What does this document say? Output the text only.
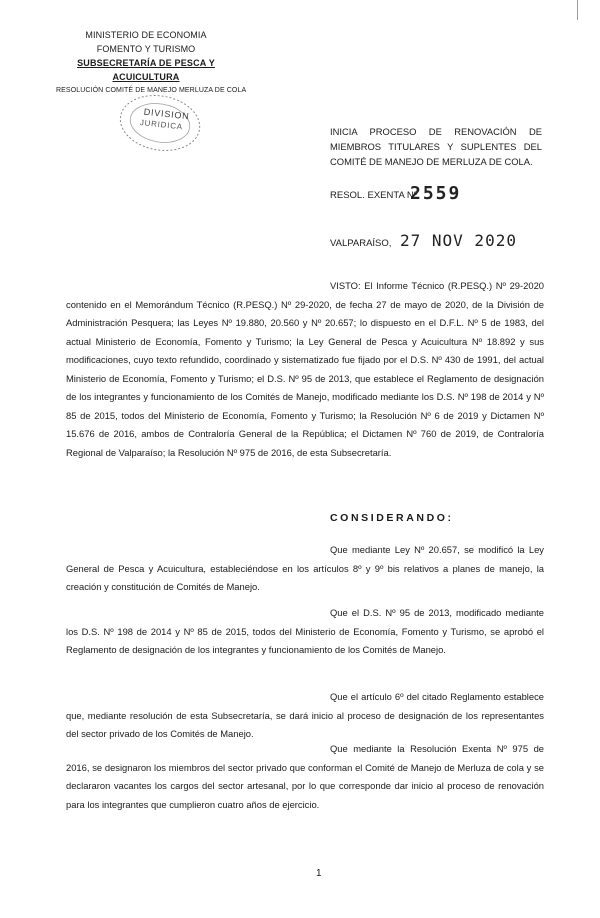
MINISTERIO DE ECONOMIA
FOMENTO Y TURISMO
SUBSECRETARÍA DE PESCA Y ACUICULTURA
RESOLUCIÓN COMITÉ DE MANEJO MERLUZA DE COLA
DIVISION
JURIDICA	INICIA PROCESO DE RENOVACIÓN DE MIEMBROS TITULARES Y SUPLENTES DEL COMITÉ DE MANEJO DE MERLUZA DE COLA.
RESOL. EXENTA Nº
2559
VALPARAÍSO, 27 NOV 2020
VISTO: El Informe Técnico (R.PESQ.) Nº 29-2020 contenido en el Memorándum Técnico (R.PESQ.) Nº 29-2020, de fecha 27 de mayo de 2020, de la División de Administración Pesquera; las Leyes Nº 19.880, 20.560 y Nº 20.657; lo dispuesto en el D.F.L. Nº 5 de 1983, del actual Ministerio de Economía, Fomento y Turismo; la Ley General de Pesca y Acuicultura Nº 18.892 y sus modificaciones, cuyo texto refundido, coordinado y sistematizado fue fijado por el D.S. Nº 430 de 1991, del actual Ministerio de Economía, Fomento y Turismo; el D.S. Nº 95 de 2013, que establece el Reglamento de designación de los integrantes y funcionamiento de los Comités de Manejo, modificado mediante los D.S. Nº 198 de 2014 y Nº 85 de 2015, todos del Ministerio de Economía, Fomento y Turismo; la Resolución Nº 6 de 2019 y Dictamen Nº 15.676 de 2016, ambos de Contraloría General de la República; el Dictamen Nº 760 de 2019, de Contraloría Regional de Valparaíso; la Resolución Nº 975 de 2016, de esta Subsecretaría.
CONSIDERANDO:
Que mediante Ley Nº 20.657, se modificó la Ley General de Pesca y Acuicultura, estableciéndose en los artículos 8º y 9º bis relativos a planes de manejo, la creación y constitución de Comités de Manejo.
Que el D.S. Nº 95 de 2013, modificado mediante los D.S. Nº 198 de 2014 y Nº 85 de 2015, todos del Ministerio de Economía, Fomento y Turismo, se aprobó el Reglamento de designación de los integrantes y funcionamiento de los Comités de Manejo.
Que el artículo 6º del citado Reglamento establece que, mediante resolución de esta Subsecretaría, se dará inicio al proceso de designación de los representantes del sector privado de los Comités de Manejo.
Que mediante la Resolución Exenta Nº 975 de 2016, se designaron los miembros del sector privado que conforman el Comité de Manejo de Merluza de cola y se declararon vacantes los cargos del sector artesanal, por lo que corresponde dar inicio al proceso de renovación para los integrantes que cumplieron cuatro años de ejercicio.
1
